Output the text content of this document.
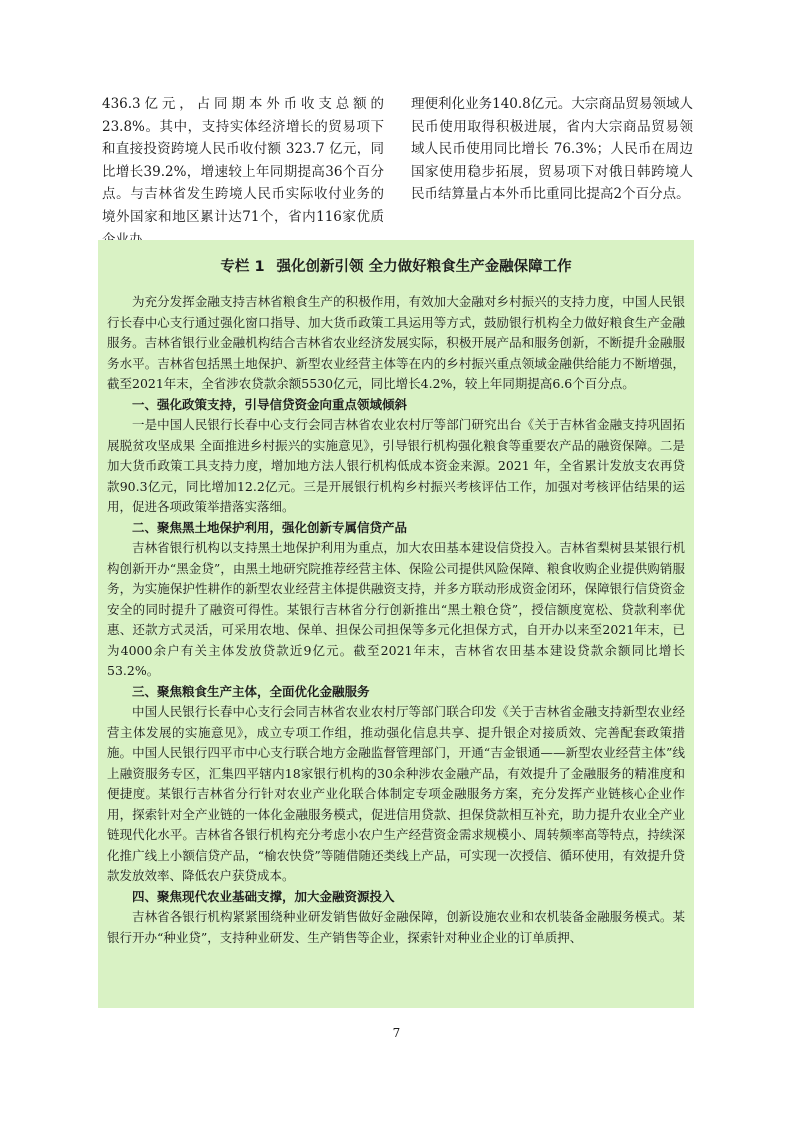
436.3亿元，占同期本外币收支总额的23.8%。其中，支持实体经济增长的贸易项下和直接投资跨境人民币收付额 323.7 亿元，同比增长39.2%，增速较上年同期提高36个百分点。与吉林省发生跨境人民币实际收付业务的境外国家和地区累计达71个，省内116家优质

理便利化业务140.8亿元。大宗商品贸易领域人民币使用取得积极进展，省内大宗商品贸易领域人民币使用同比增长 76.3%；人民币在周边国家使用稳步拓展，贸易项下对俄日韩跨境人民币结算量占本外币比重同比提高2个百分点。

专栏 1 强化创新引领 全力做好粮食生产金融保障工作

为充分发挥金融支持吉林省粮食生产的积极作用，有效加大金融对乡村振兴的支持力度，中国人民银行长春中心支行通过强化窗口指导、加大货币政策工具运用等方式，鼓励银行机构全力做好粮食生产金融服务。吉林省银行业金融机构结合吉林省农业经济发展实际，积极开展产品和服务创新，不断提升金融服务水平。吉林省包括黑土地保护、新型农业经营主体等在内的乡村振兴重点领域金融供给能力不断增强，截至2021年末，全省涉农贷款余额5530亿元，同比增长4.2%，较上年同期提高6.6个百分点。

一、强化政策支持，引导信贷资金向重点领域倾斜

一是中国人民银行长春中心支行会同吉林省农业农村厅等部门研究出台《关于吉林省金融支持巩固拓展脱贫攻坚成果 全面推进乡村振兴的实施意见》，引导银行机构强化粮食等重要农产品的融资保障。二是加大货币政策工具支持力度，增加地方法人银行机构低成本资金来源。2021 年，全省累计发放支农再贷款90.3亿元，同比增加12.2亿元。三是开展银行机构乡村振兴考核评估工作，加强对考核评估结果的运用，促进各项政策举措落实落细。

二、聚焦黑土地保护利用，强化创新专属信贷产品

吉林省银行机构以支持黑土地保护利用为重点，加大农田基本建设信贷投入。吉林省梨树县某银行机构创新开办“黑金贷”，由黑土地研究院推荐经营主体、保险公司提供风险保障、粮食收购企业提供购销服务，为实施保护性耕作的新型农业经营主体提供融资支持，并多方联动形成资金闭环，保障银行信贷资金安全的同时提升了融资可得性。某银行吉林省分行创新推出“黑土粮仓贷”，授信额度宽松、贷款利率优惠、还款方式灵活，可采用农地、保单、担保公司担保等多元化担保方式，自开办以来至2021年末，已为4000余户有关主体发放贷款近9亿元。截至2021年末，吉林省农田基本建设贷款余额同比增长53.2%。

三、聚焦粮食生产主体，全面优化金融服务

中国人民银行长春中心支行会同吉林省农业农村厅等部门联合印发《关于吉林省金融支持新型农业经营主体发展的实施意见》，成立专项工作组，推动强化信息共享、提升银企对接质效、完善配套政策措施。中国人民银行四平市中心支行联合地方金融监督管理部门，开通“吉金银通——新型农业经营主体”线上融资服务专区，汇集四平辖内18家银行机构的30余种涉农金融产品，有效提升了金融服务的精准度和便捷度。某银行吉林省分行针对农业产业化联合体制定专项金融服务方案，充分发挥产业链核心企业作用，探索针对全产业链的一体化金融服务模式，促进信用贷款、担保贷款相互补充，助力提升农业全产业链现代化水平。吉林省各银行机构充分考虑小农户生产经营资金需求规模小、周转频率高等特点，持续深化推广线上小额信贷产品，“榆农快贷”等随借随还类线上产品，可实现一次授信、循环使用，有效提升贷款发放效率、降低农户获贷成本。

四、聚焦现代农业基础支撑，加大金融资源投入

吉林省各银行机构紧紧围绕种业研发销售做好金融保障，创新设施农业和农机装备金融服务模式。某银行开办“种业贷”，支持种业研发、生产销售等企业，探索针对种业企业的订单质押、

7
